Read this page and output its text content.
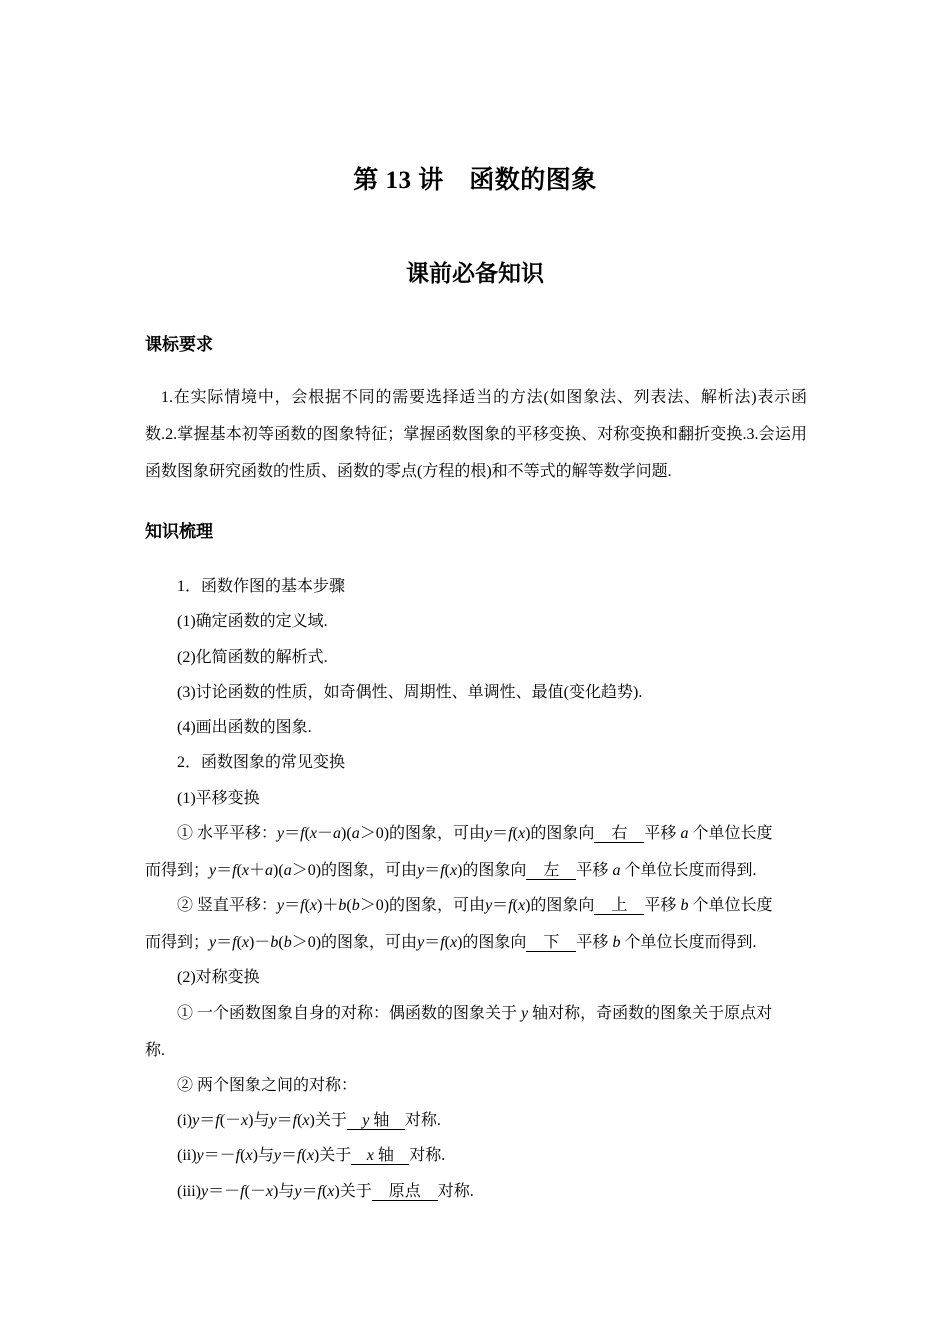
第 13 讲　函数的图象
课前必备知识
课标要求
1.在实际情境中，会根据不同的需要选择适当的方法(如图象法、列表法、解析法)表示函数.2.掌握基本初等函数的图象特征；掌握函数图象的平移变换、对称变换和翻折变换.3.会运用函数图象研究函数的性质、函数的零点(方程的根)和不等式的解等数学问题.
知识梳理
1．函数作图的基本步骤
(1)确定函数的定义域.
(2)化简函数的解析式.
(3)讨论函数的性质，如奇偶性、周期性、单调性、最值(变化趋势).
(4)画出函数的图象.
2．函数图象的常见变换
(1)平移变换
① 水平平移：y＝f(x－a)(a＞0)的图象，可由y＝f(x)的图象向 右 平移 a 个单位长度
而得到；y＝f(x＋a)(a＞0)的图象，可由y＝f(x)的图象向 左 平移 a 个单位长度而得到.
② 竖直平移：y＝f(x)＋b(b＞0)的图象，可由y＝f(x)的图象向 上 平移 b 个单位长度
而得到；y＝f(x)－b(b＞0)的图象，可由y＝f(x)的图象向 下 平移 b 个单位长度而得到.
(2)对称变换
① 一个函数图象自身的对称：偶函数的图象关于 y 轴对称，奇函数的图象关于原点对
称.
② 两个图象之间的对称：
(i)y＝f(－x)与y＝f(x)关于 y 轴 对称.
(ii)y＝－f(x)与y＝f(x)关于 x 轴 对称.
(iii)y＝－f(－x)与y＝f(x)关于 原点 对称.
